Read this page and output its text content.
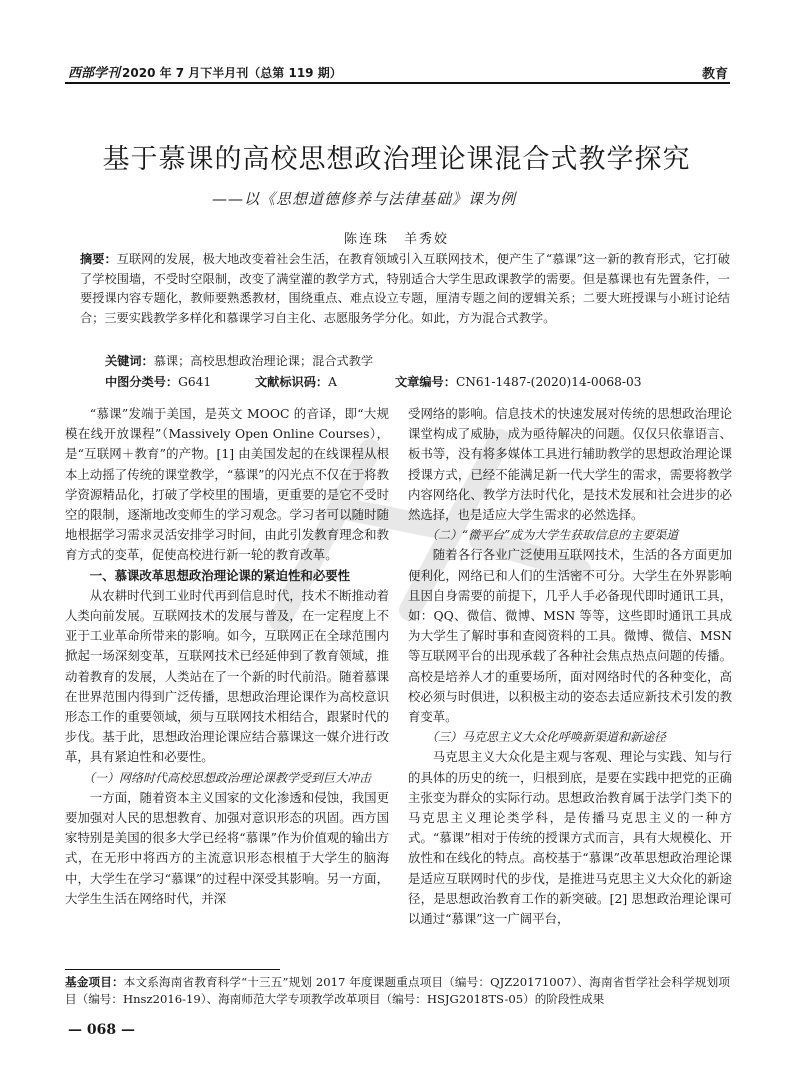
西部学刊 2020 年 7 月下半月刊（总第 119 期）	教育
基于慕课的高校思想政治理论课混合式教学探究
——以《思想道德修养与法律基础》课为例
陈连珠　羊秀姣
摘要：互联网的发展，极大地改变着社会生活，在教育领域引入互联网技术，便产生了“慕课”这一新的教育形式，它打破了学校围墙，不受时空限制，改变了满堂灌的教学方式，特别适合大学生思政课教学的需要。但是慕课也有先置条件，一要授课内容专题化，教师要熟悉教材，围绕重点、难点设立专题，厘清专题之间的逻辑关系；二要大班授课与小班讨论结合；三要实践教学多样化和慕课学习自主化、志愿服务学分化。如此，方为混合式教学。
关键词：慕课；高校思想政治理论课；混合式教学
中图分类号：G641	文献标识码：A	文章编号：CN61-1487-(2020)14-0068-03

“慕课”发端于美国，是英文 MOOC 的音译，即“大规模在线开放课程”（Massively Open Online Courses），是“互联网＋教育”的产物。[1] 由美国发起的在线课程从根本上动摇了传统的课堂教学，“慕课”的闪光点不仅在于将教学资源精品化，打破了学校里的围墙，更重要的是它不受时空的限制，逐渐地改变师生的学习观念。学习者可以随时随地根据学习需求灵活安排学习时间，由此引发教育理念和教育方式的变革，促使高校进行新一轮的教育改革。

一、慕课改革思想政治理论课的紧迫性和必要性

从农耕时代到工业时代再到信息时代，技术不断推动着人类向前发展。互联网技术的发展与普及，在一定程度上不亚于工业革命所带来的影响。如今，互联网正在全球范围内掀起一场深刻变革，互联网技术已经延伸到了教育领域，推动着教育的发展，人类站在了一个新的时代前沿。随着慕课在世界范围内得到广泛传播，思想政治理论课作为高校意识形态工作的重要领域，须与互联网技术相结合，跟紧时代的步伐。基于此，思想政治理论课应结合慕课这一媒介进行改革，具有紧迫性和必要性。

（一）网络时代高校思想政治理论课教学受到巨大冲击

一方面，随着资本主义国家的文化渗透和侵蚀，我国更要加强对人民的思想教育、加强对意识形态的巩固。西方国家特别是美国的很多大学已经将“慕课”作为价值观的输出方式，在无形中将西方的主流意识形态根植于大学生的脑海中，大学生在学习“慕课”的过程中深受其影响。另一方面，大学生生活在网络时代，并深

受网络的影响。信息技术的快速发展对传统的思想政治理论课堂构成了威胁，成为亟待解决的问题。仅仅只依靠语言、板书等，没有将多媒体工具进行辅助教学的思想政治理论课授课方式，已经不能满足新一代大学生的需求，需要将教学内容网络化、教学方法时代化，是技术发展和社会进步的必然选择，也是适应大学生需求的必然选择。

（二）“微平台”成为大学生获取信息的主要渠道

随着各行各业广泛使用互联网技术，生活的各方面更加便利化，网络已和人们的生活密不可分。大学生在外界影响且因自身需要的前提下，几乎人手必备现代即时通讯工具，如：QQ、微信、微博、MSN 等等，这些即时通讯工具成为大学生了解时事和查阅资料的工具。微博、微信、MSN 等互联网平台的出现承载了各种社会焦点热点问题的传播。高校是培养人才的重要场所，面对网络时代的各种变化，高校必须与时俱进，以积极主动的姿态去适应新技术引发的教育变革。

（三）马克思主义大众化呼唤新渠道和新途径

马克思主义大众化是主观与客观、理论与实践、知与行的具体的历史的统一，归根到底，是要在实践中把党的正确主张变为群众的实际行动。思想政治教育属于法学门类下的马克思主义理论类学科，是传播马克思主义的一种方式。“慕课”相对于传统的授课方式而言，具有大规模化、开放性和在线化的特点。高校基于“慕课”改革思想政治理论课是适应互联网时代的步伐，是推进马克思主义大众化的新途径，是思想政治教育工作的新突破。[2] 思想政治理论课可以通过“慕课”这一广阔平台，

基金项目：本文系海南省教育科学“十三五”规划 2017 年度课题重点项目（编号：QJZ20171007）、海南省哲学社会科学规划项目（编号：Hnsz2016-19）、海南师范大学专项教学改革项目（编号：HSJG2018TS-05）的阶段性成果
— 068 —
